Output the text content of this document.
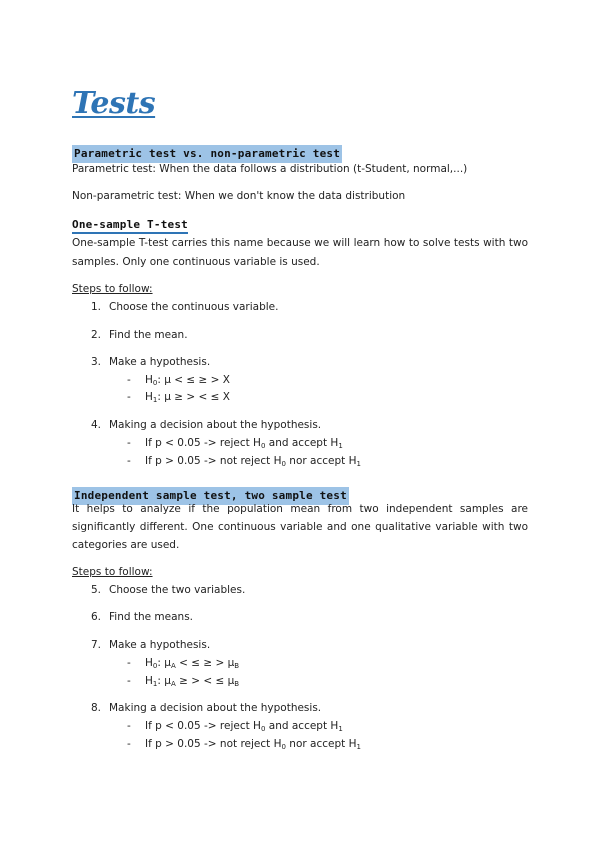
Tests
Parametric test vs. non-parametric test
Parametric test: When the data follows a distribution (t-Student, normal,...)
Non-parametric test: When we don't know the data distribution
One-sample T-test
One-sample T-test carries this name because we will learn how to solve tests with two
samples. Only one continuous variable is used.
Steps to follow:
1. Choose the continuous variable.
2. Find the mean.
3. Make a hypothesis.
- $H_0$: μ < ≤ ≥ > X
- $H_1$: μ ≥ > < ≤ X
4. Making a decision about the hypothesis.
- If p < 0.05 -> reject $H_0$ and accept $H_1$
- If p > 0.05 -> not reject $H_0$ nor accept $H_1$
Independent sample test, two sample test
It helps to analyze if the population mean from two independent samples are significantly different. One continuous variable and one qualitative variable with two categories are used.
Steps to follow:
5. Choose the two variables.
6. Find the means.
7. Make a hypothesis.
- $H_0$: $\mu_A$ < ≤ ≥ > $\mu_B$
- $H_1$: $\mu_A$ ≥ > < ≤ $\mu_B$
8. Making a decision about the hypothesis.
- If p < 0.05 -> reject $H_0$ and accept $H_1$
- If p > 0.05 -> not reject $H_0$ nor accept $H_1$
